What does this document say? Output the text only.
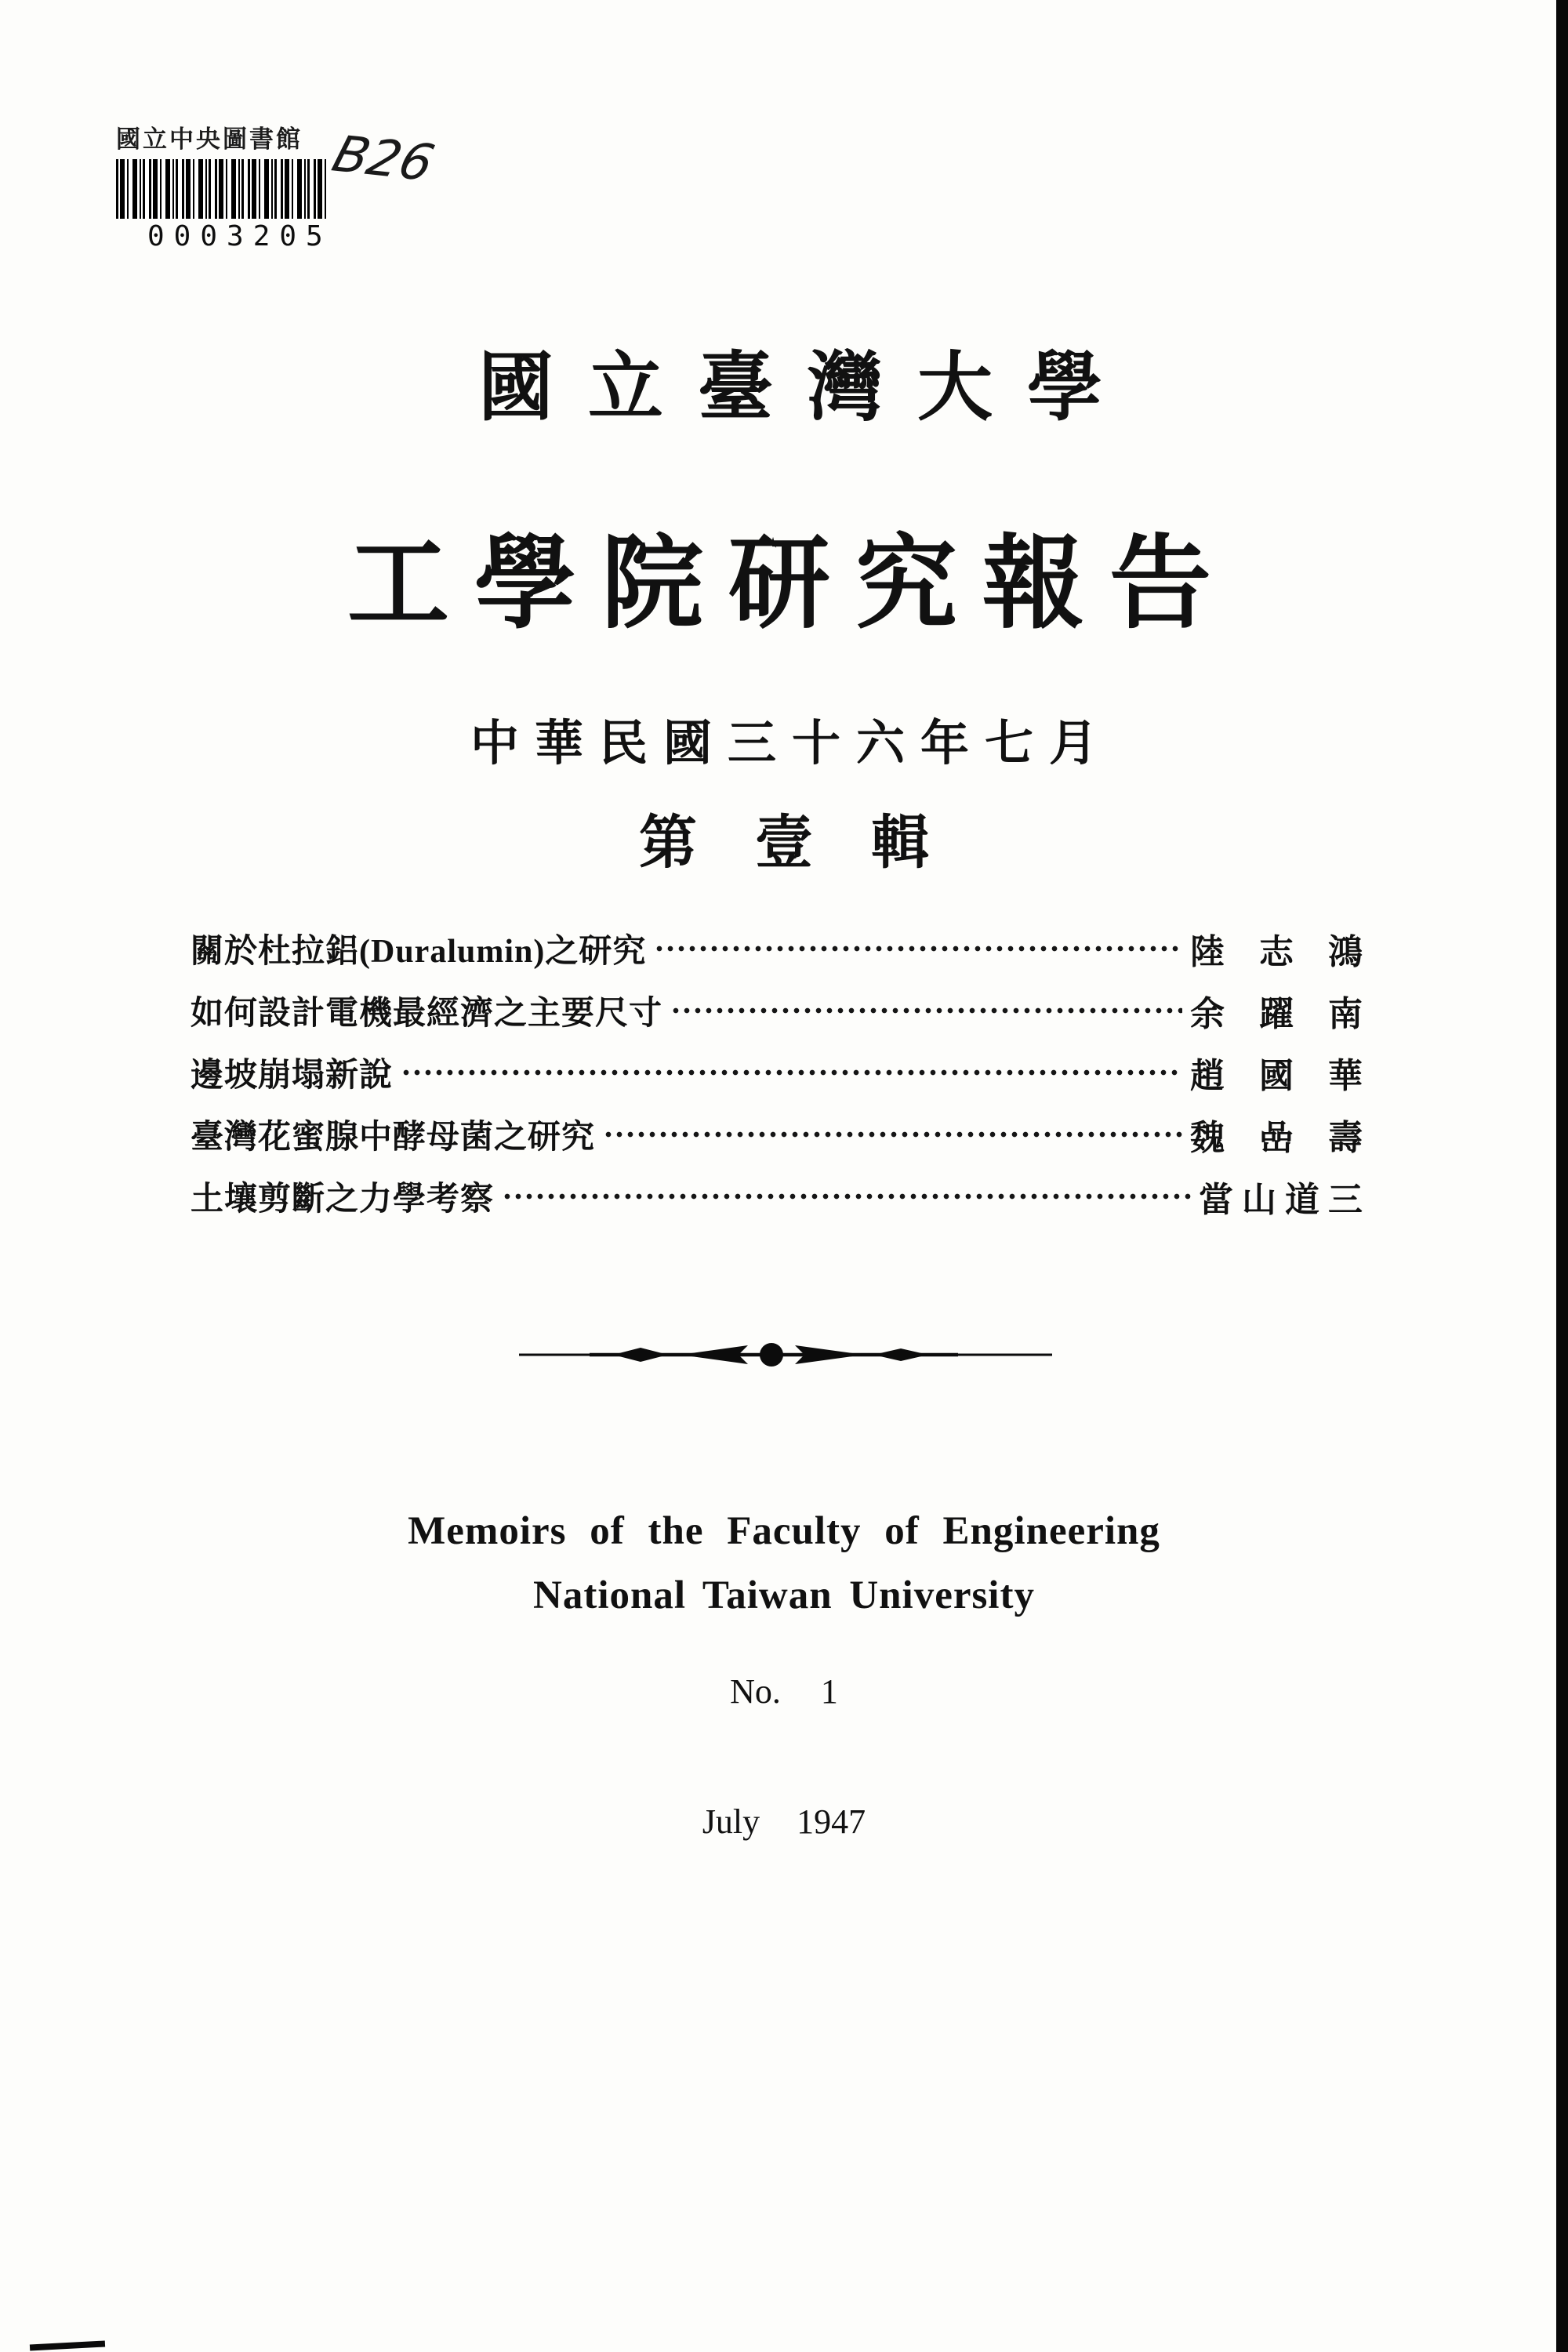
國立中央圖書館
0003205
B26
國立臺灣大學
工學院研究報告
中華民國三十六年七月
第壹輯
關於杜拉鋁(Duralumin)之研究	陸　志　鴻
如何設計電機最經濟之主要尺寸	余　躍　南
邊坡崩塌新說	趙　國　華
臺灣花蜜腺中酵母菌之研究	魏　嵒　壽
土壤剪斷之力學考察	當 山 道 三
Memoirs of the Faculty of Engineering
National Taiwan University
No. 1
July 1947
